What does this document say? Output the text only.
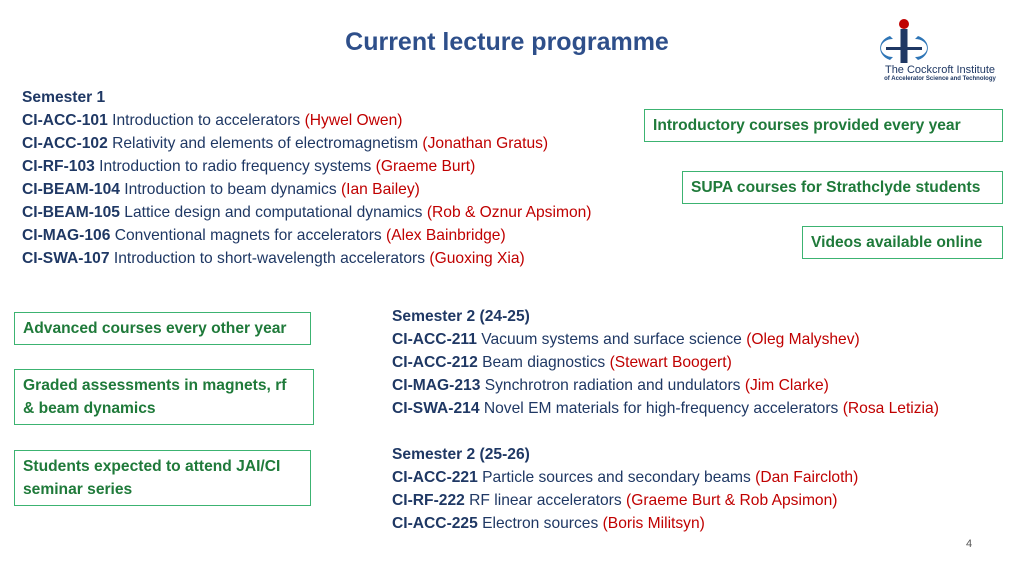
Current lecture programme
The Cockcroft Institute
of Accelerator Science and Technology
Semester 1
CI-ACC-101 Introduction to accelerators (Hywel Owen)
CI-ACC-102 Relativity and elements of electromagnetism (Jonathan Gratus)
CI-RF-103 Introduction to radio frequency systems (Graeme Burt)
CI-BEAM-104 Introduction to beam dynamics (Ian Bailey)
CI-BEAM-105 Lattice design and computational dynamics (Rob & Oznur Apsimon)
CI-MAG-106 Conventional magnets for accelerators (Alex Bainbridge)
CI-SWA-107 Introduction to short-wavelength accelerators (Guoxing Xia)
Semester 2 (24-25)
CI-ACC-211 Vacuum systems and surface science (Oleg Malyshev)
CI-ACC-212 Beam diagnostics (Stewart Boogert)
CI-MAG-213 Synchrotron radiation and undulators (Jim Clarke)
CI-SWA-214 Novel EM materials for high-frequency accelerators (Rosa Letizia)
Semester 2 (25-26)
CI-ACC-221 Particle sources and secondary beams (Dan Faircloth)
CI-RF-222 RF linear accelerators (Graeme Burt & Rob Apsimon)
CI-ACC-225 Electron sources (Boris Militsyn)
Introductory courses provided every year
SUPA courses for Strathclyde students
Videos available online
Advanced courses every other year
Graded assessments in magnets, rf
& beam dynamics
Students expected to attend JAI/CI
seminar series
4
